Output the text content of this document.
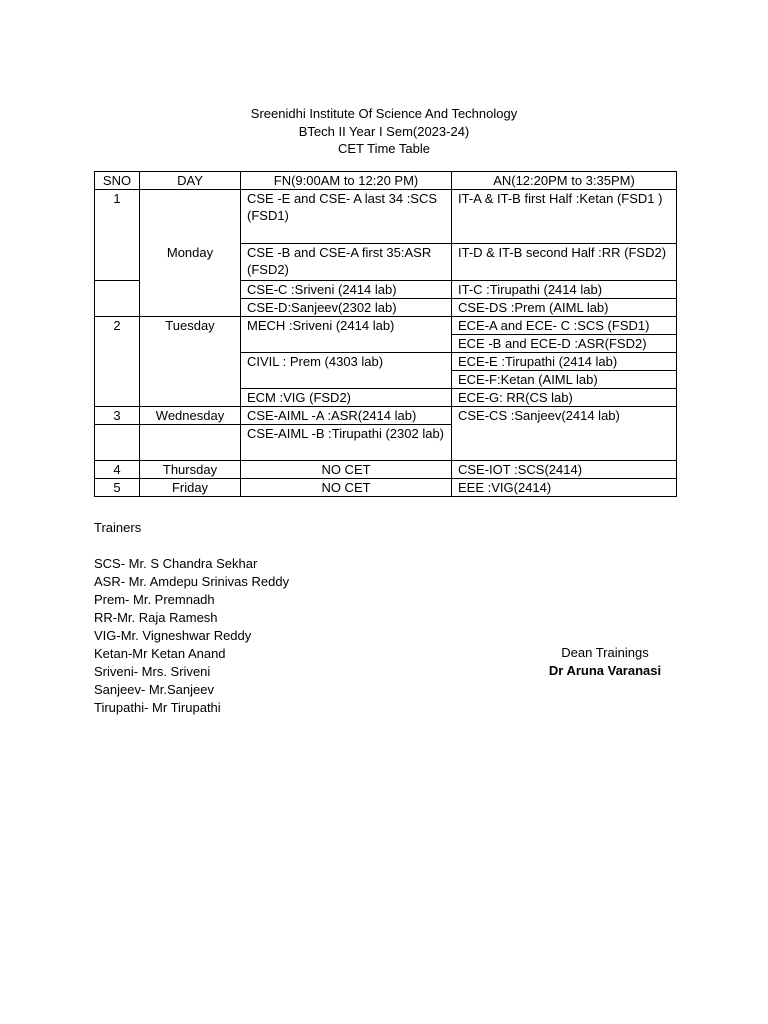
Sreenidhi Institute Of Science And Technology
BTech II Year I Sem(2023-24)
CET Time Table
SNO	DAY	FN(9:00AM to 12:20 PM)	AN(12:20PM to 3:35PM)
1	Monday	CSE -E and CSE- A last 34 :SCS (FSD1)	IT-A & IT-B first Half :Ketan (FSD1 )
		CSE -B and CSE-A first 35:ASR (FSD2)	IT-D & IT-B second Half :RR (FSD2)
		CSE-C :Sriveni (2414 lab)	IT-C :Tirupathi (2414 lab)
		CSE-D:Sanjeev(2302 lab)	CSE-DS :Prem (AIML lab)
2	Tuesday	MECH :Sriveni (2414 lab)	ECE-A and ECE- C :SCS (FSD1)
			ECE -B and ECE-D :ASR(FSD2)
		CIVIL : Prem (4303 lab)	ECE-E :Tirupathi (2414 lab)
			ECE-F:Ketan (AIML lab)
		ECM :VIG (FSD2)	ECE-G: RR(CS lab)
3	Wednesday	CSE-AIML -A :ASR(2414 lab)	CSE-CS :Sanjeev(2414 lab)
		CSE-AIML -B :Tirupathi (2302 lab)	
4	Thursday	NO CET	CSE-IOT :SCS(2414)
5	Friday	NO CET	EEE :VIG(2414)
Trainers
SCS- Mr. S Chandra Sekhar
ASR- Mr. Amdepu Srinivas Reddy
Prem- Mr. Premnadh
RR-Mr. Raja Ramesh
VIG-Mr. Vigneshwar Reddy
Ketan-Mr Ketan Anand
Sriveni- Mrs. Sriveni
Sanjeev- Mr.Sanjeev
Tirupathi- Mr Tirupathi
Dean Trainings
Dr Aruna Varanasi
